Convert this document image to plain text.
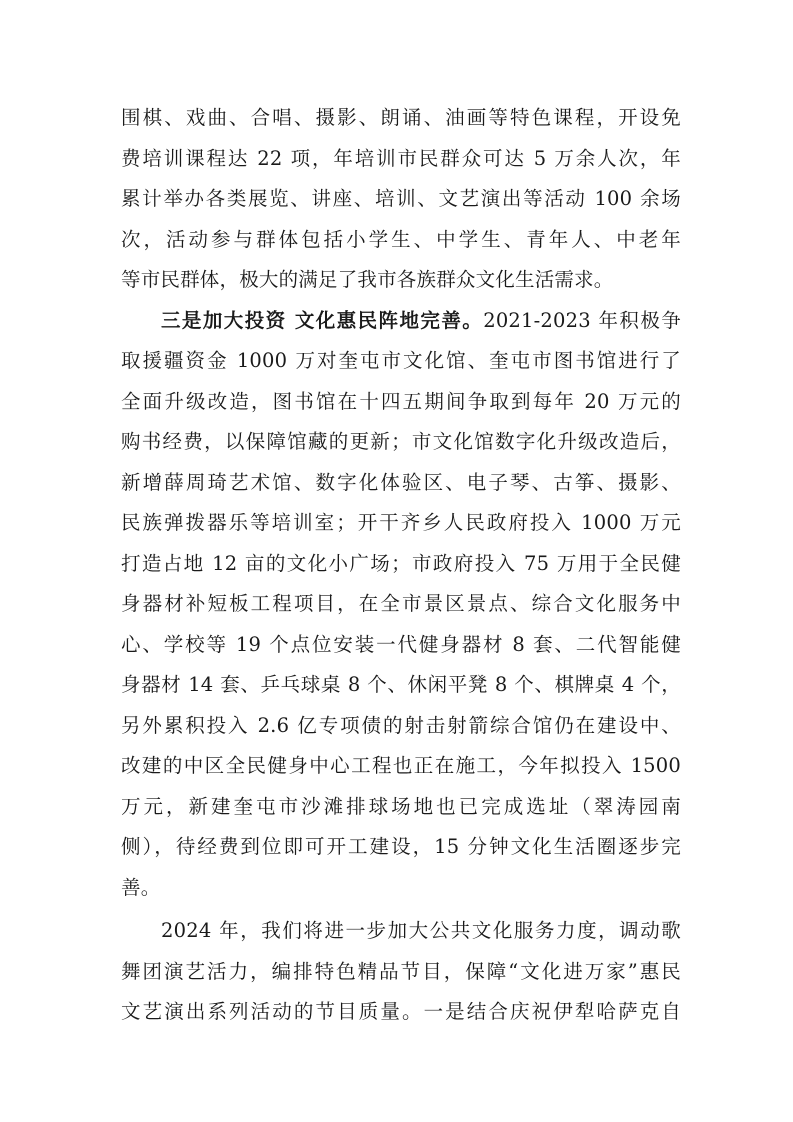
围棋、戏曲、合唱、摄影、朗诵、油画等特色课程，开设免
费培训课程达 22 项，年培训市民群众可达 5 万余人次，年
累计举办各类展览、讲座、培训、文艺演出等活动 100 余场
次，活动参与群体包括小学生、中学生、青年人、中老年
等市民群体，极大的满足了我市各族群众文化生活需求。
三是加大投资 文化惠民阵地完善。2021-2023 年积极争
取援疆资金 1000 万对奎屯市文化馆、奎屯市图书馆进行了
全面升级改造，图书馆在十四五期间争取到每年 20 万元的
购书经费，以保障馆藏的更新；市文化馆数字化升级改造后，
新增薛周琦艺术馆、数字化体验区、电子琴、古筝、摄影、
民族弹拨器乐等培训室；开干齐乡人民政府投入 1000 万元
打造占地 12 亩的文化小广场；市政府投入 75 万用于全民健
身器材补短板工程项目，在全市景区景点、综合文化服务中
心、学校等 19 个点位安装一代健身器材 8 套、二代智能健
身器材 14 套、乒乓球桌 8 个、休闲平凳 8 个、棋牌桌 4 个，
另外累积投入 2.6 亿专项债的射击射箭综合馆仍在建设中、
改建的中区全民健身中心工程也正在施工，今年拟投入 1500
万元，新建奎屯市沙滩排球场地也已完成选址（翠涛园南
侧），待经费到位即可开工建设，15 分钟文化生活圈逐步完
善。
2024 年，我们将进一步加大公共文化服务力度，调动歌
舞团演艺活力，编排特色精品节目，保障“文化进万家”惠民
文艺演出系列活动的节目质量。一是结合庆祝伊犁哈萨克自
